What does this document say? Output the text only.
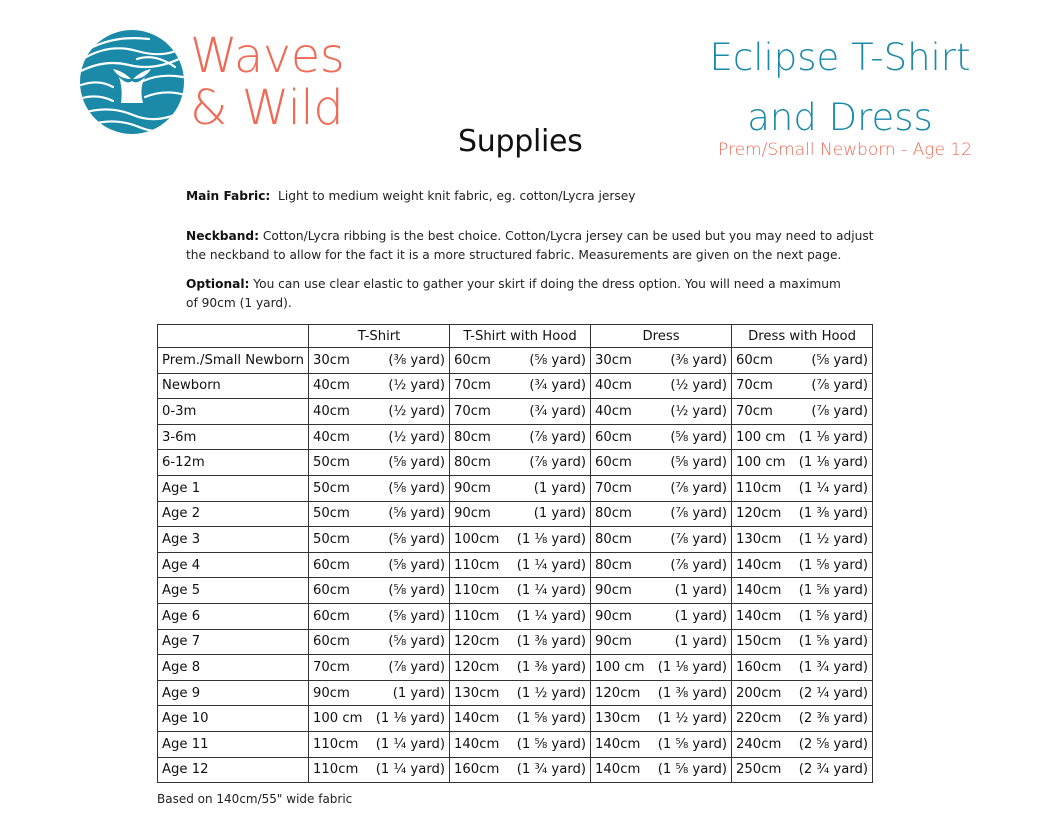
Waves
& Wild
Eclipse T-Shirt
and Dress
Prem/Small Newborn - Age 12
Supplies
Main Fabric: Light to medium weight knit fabric, eg. cotton/Lycra jersey
Neckband: Cotton/Lycra ribbing is the best choice. Cotton/Lycra jersey can be used but you may need to adjust the neckband to allow for the fact it is a more structured fabric. Measurements are given on the next page.
Optional: You can use clear elastic to gather your skirt if doing the dress option. You will need a maximum of 90cm (1 yard).
	T-Shirt		T-Shirt with Hood		Dress		Dress with Hood	
Prem./Small Newborn	30cm	(⅜ yard)	60cm	(⅝ yard)	30cm	(⅜ yard)	60cm	(⅝ yard)
Newborn	40cm	(½ yard)	70cm	(¾ yard)	40cm	(½ yard)	70cm	(⅞ yard)
0-3m	40cm	(½ yard)	70cm	(¾ yard)	40cm	(½ yard)	70cm	(⅞ yard)
3-6m	40cm	(½ yard)	80cm	(⅞ yard)	60cm	(⅝ yard)	100 cm	(1 ⅛ yard)
6-12m	50cm	(⅝ yard)	80cm	(⅞ yard)	60cm	(⅝ yard)	100 cm	(1 ⅛ yard)
Age 1	50cm	(⅝ yard)	90cm	(1 yard)	70cm	(⅞ yard)	110cm	(1 ¼ yard)
Age 2	50cm	(⅝ yard)	90cm	(1 yard)	80cm	(⅞ yard)	120cm	(1 ⅜ yard)
Age 3	50cm	(⅝ yard)	100cm	(1 ⅛ yard)	80cm	(⅞ yard)	130cm	(1 ½ yard)
Age 4	60cm	(⅝ yard)	110cm	(1 ¼ yard)	80cm	(⅞ yard)	140cm	(1 ⅝ yard)
Age 5	60cm	(⅝ yard)	110cm	(1 ¼ yard)	90cm	(1 yard)	140cm	(1 ⅝ yard)
Age 6	60cm	(⅝ yard)	110cm	(1 ¼ yard)	90cm	(1 yard)	140cm	(1 ⅝ yard)
Age 7	60cm	(⅝ yard)	120cm	(1 ⅜ yard)	90cm	(1 yard)	150cm	(1 ⅝ yard)
Age 8	70cm	(⅞ yard)	120cm	(1 ⅜ yard)	100 cm	(1 ⅛ yard)	160cm	(1 ¾ yard)
Age 9	90cm	(1 yard)	130cm	(1 ½ yard)	120cm	(1 ⅜ yard)	200cm	(2 ¼ yard)
Age 10	100 cm	(1 ⅛ yard)	140cm	(1 ⅝ yard)	130cm	(1 ½ yard)	220cm	(2 ⅜ yard)
Age 11	110cm	(1 ¼ yard)	140cm	(1 ⅝ yard)	140cm	(1 ⅝ yard)	240cm	(2 ⅝ yard)
Age 12	110cm	(1 ¼ yard)	160cm	(1 ¾ yard)	140cm	(1 ⅝ yard)	250cm	(2 ¾ yard)
Based on 140cm/55" wide fabric
